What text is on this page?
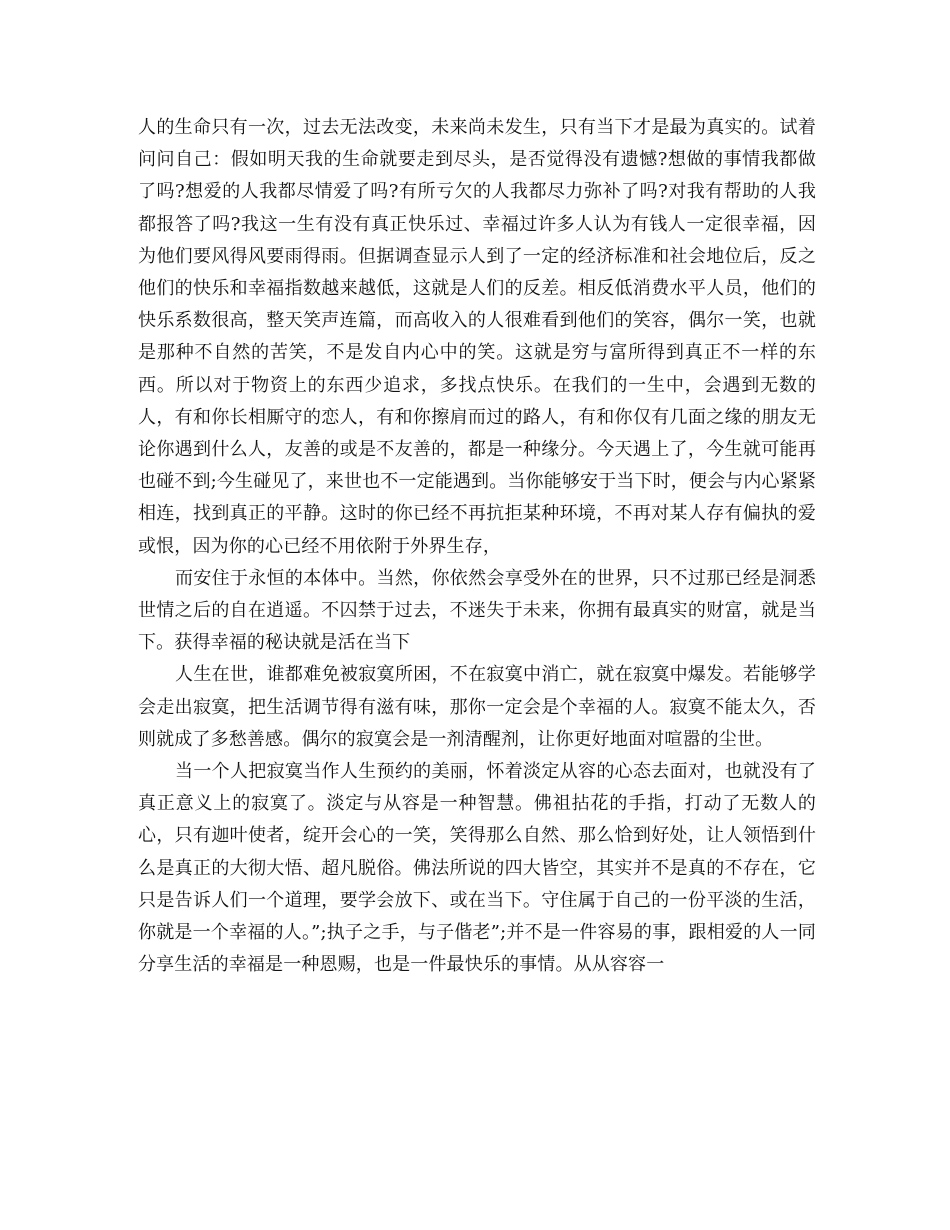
人的生命只有一次，过去无法改变，未来尚未发生，只有当下才是最为真实的。试着问问自己：假如明天我的生命就要走到尽头，是否觉得没有遗憾?想做的事情我都做了吗?想爱的人我都尽情爱了吗?有所亏欠的人我都尽力弥补了吗?对我有帮助的人我都报答了吗?我这一生有没有真正快乐过、幸福过许多人认为有钱人一定很幸福，因为他们要风得风要雨得雨。但据调查显示人到了一定的经济标准和社会地位后，反之他们的快乐和幸福指数越来越低，这就是人们的反差。相反低消费水平人员，他们的快乐系数很高，整天笑声连篇，而高收入的人很难看到他们的笑容，偶尔一笑，也就是那种不自然的苦笑，不是发自内心中的笑。这就是穷与富所得到真正不一样的东西。所以对于物资上的东西少追求，多找点快乐。在我们的一生中，会遇到无数的人，有和你长相厮守的恋人，有和你擦肩而过的路人，有和你仅有几面之缘的朋友无论你遇到什么人，友善的或是不友善的，都是一种缘分。今天遇上了，今生就可能再也碰不到;今生碰见了，来世也不一定能遇到。当你能够安于当下时，便会与内心紧紧相连，找到真正的平静。这时的你已经不再抗拒某种环境，不再对某人存有偏执的爱或恨，因为你的心已经不用依附于外界生存，

而安住于永恒的本体中。当然，你依然会享受外在的世界，只不过那已经是洞悉世情之后的自在逍遥。不囚禁于过去，不迷失于未来，你拥有最真实的财富，就是当下。获得幸福的秘诀就是活在当下

人生在世，谁都难免被寂寞所困，不在寂寞中消亡，就在寂寞中爆发。若能够学会走出寂寞，把生活调节得有滋有味，那你一定会是个幸福的人。寂寞不能太久，否则就成了多愁善感。偶尔的寂寞会是一剂清醒剂，让你更好地面对喧嚣的尘世。

当一个人把寂寞当作人生预约的美丽，怀着淡定从容的心态去面对，也就没有了真正意义上的寂寞了。淡定与从容是一种智慧。佛祖拈花的手指，打动了无数人的心，只有迦叶使者，绽开会心的一笑，笑得那么自然、那么恰到好处，让人领悟到什么是真正的大彻大悟、超凡脱俗。佛法所说的四大皆空，其实并不是真的不存在，它只是告诉人们一个道理，要学会放下、或在当下。守住属于自己的一份平淡的生活，你就是一个幸福的人。”;执子之手，与子偕老”;并不是一件容易的事，跟相爱的人一同分享生活的幸福是一种恩赐，也是一件最快乐的事情。从从容容一
